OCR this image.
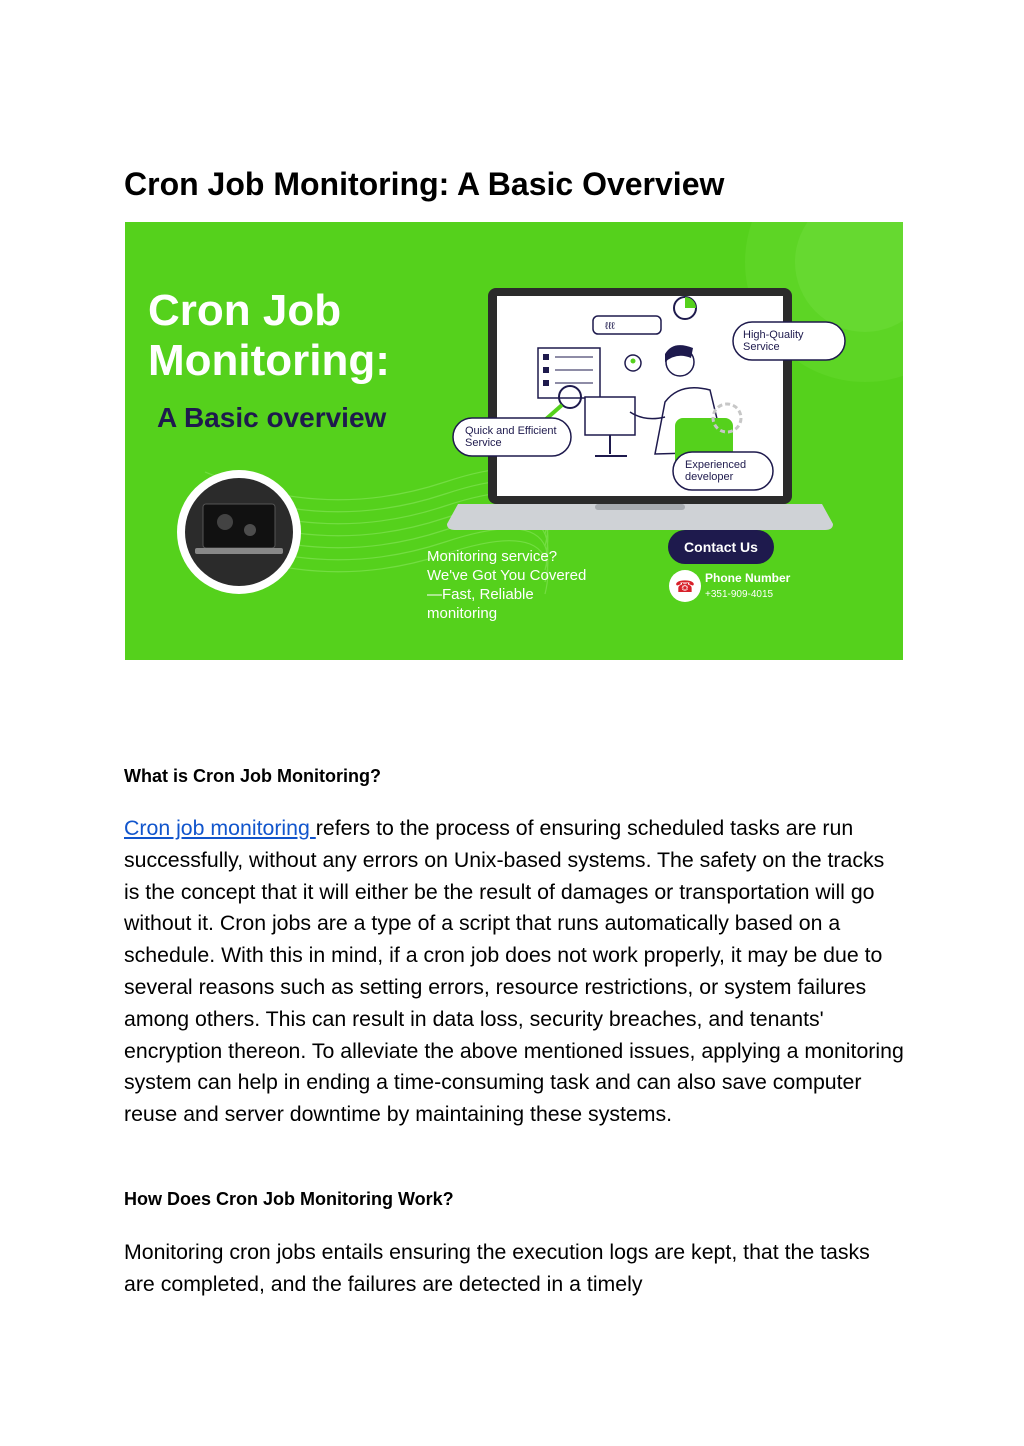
Cron Job Monitoring: A Basic Overview
What is Cron Job Monitoring?

Cron job monitoring refers to the process of ensuring scheduled tasks are run successfully, without any errors on Unix-based systems. The safety on the tracks is the concept that it will either be the result of damages or transportation will go without it. Cron jobs are a type of a script that runs automatically based on a schedule. With this in mind, if a cron job does not work properly, it may be due to several reasons such as setting errors, resource restrictions, or system failures among others. This can result in data loss, security breaches, and tenants' encryption thereon. To alleviate the above mentioned issues, applying a monitoring system can help in ending a time-consuming task and can also save computer reuse and server downtime by maintaining these systems.

How Does Cron Job Monitoring Work?

Monitoring cron jobs entails ensuring the execution logs are kept, that the tasks are completed, and the failures are detected in a timely

Cron Job
Monitoring:
A Basic overview
ℓℓℓ
High-Quality
Service
Quick and Efficient
Service
Experienced
developer
Monitoring service?
We've Got You Covered
—Fast, Reliable
monitoring
Contact Us
☎
Phone Number
+351-909-4015
